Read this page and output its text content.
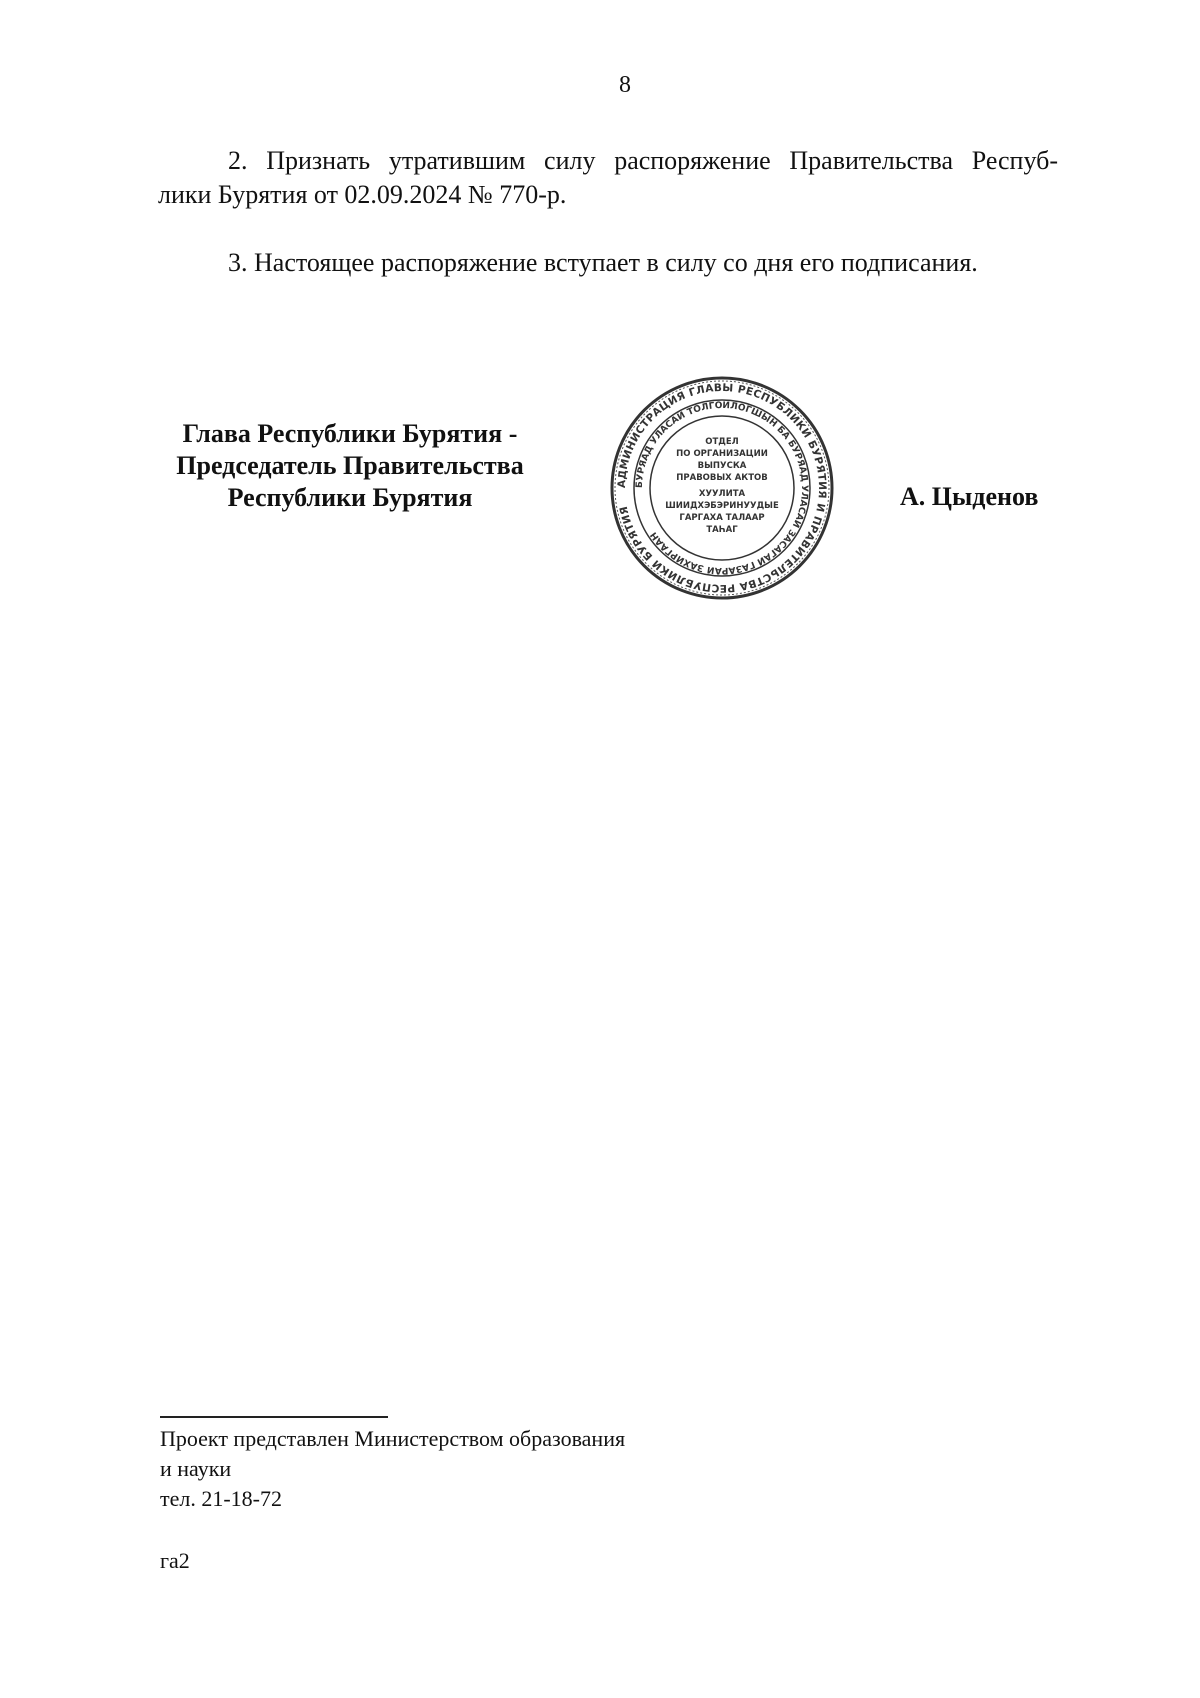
8
2. Признать утратившим силу распоряжение Правительства Респуб-
лики Бурятия от 02.09.2024 № 770-р.
3. Настоящее распоряжение вступает в силу со дня его подписания.
Глава Республики Бурятия -
Председатель Правительства
Республики Бурятия	АДМИНИСТРАЦИЯ ГЛАВЫ РЕСПУБЛИКИ БУРЯТИЯ И ПРАВИТЕЛЬСТВА РЕСПУБЛИКИ БУРЯТИЯ
БУРЯАД УЛАСАЙ ТОЛГОЙЛОГШЫН БА БУРЯАД УЛАСАЙ ЗАСАГАЙ ГАЗАРАЙ ЗАХИРГААН
ОТДЕЛ
ПО ОРГАНИЗАЦИИ
ВЫПУСКА
ПРАВОВЫХ АКТОВ
ХУУЛИТА
ШИИДХЭБЭРИНУУДЫЕ
ГАРГАХА ТАЛААР
ТАҺАГ
А. Цыденов
Проект представлен Министерством образования
и науки
тел. 21-18-72
га2
